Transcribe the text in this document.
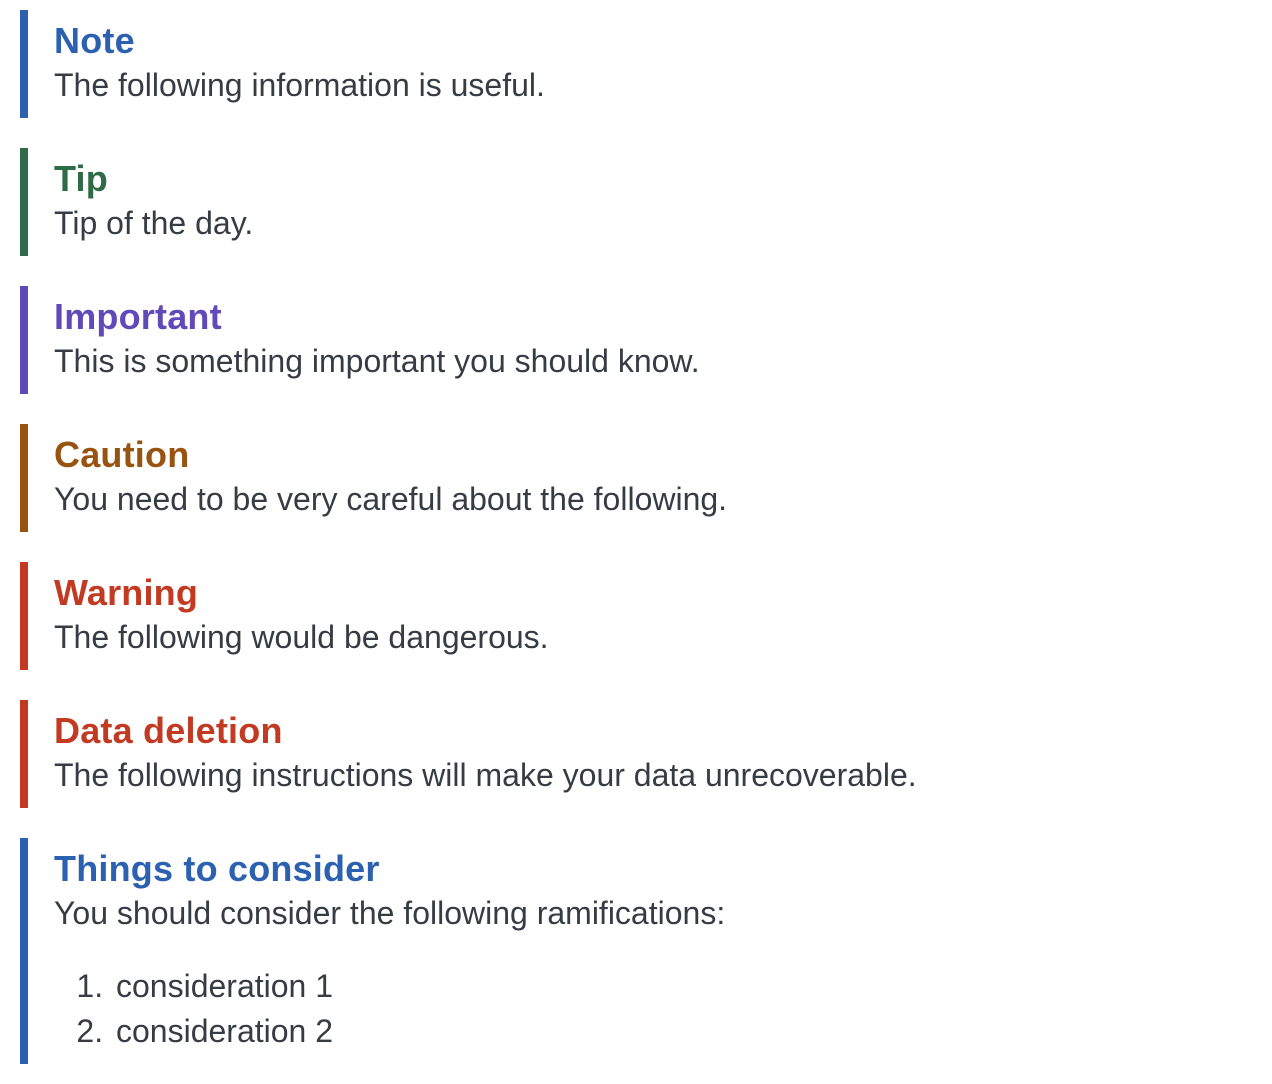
Note

The following information is useful.

Tip

Tip of the day.

Important

This is something important you should know.

Caution

You need to be very careful about the following.

Warning

The following would be dangerous.

Data deletion

The following instructions will make your data unrecoverable.

Things to consider

You should consider the following ramifications:

1. consideration 1
2. consideration 2
